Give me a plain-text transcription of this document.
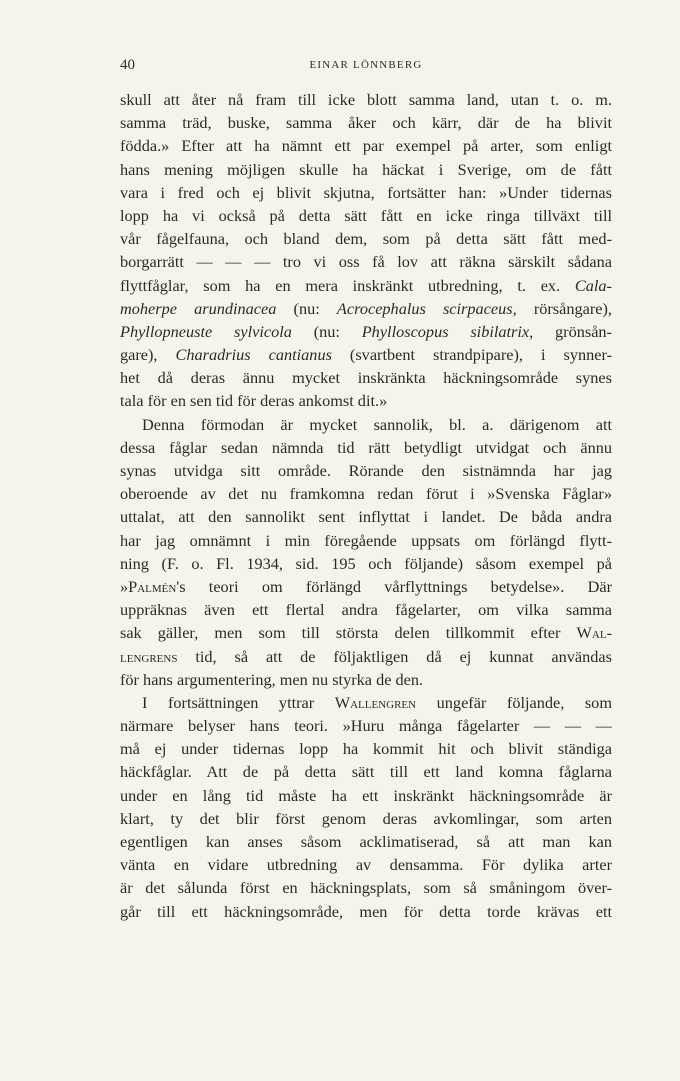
40	EINAR LÖNNBERG
skull att åter nå fram till icke blott samma land, utan t. o. m.
samma träd, buske, samma åker och kärr, där de ha blivit
födda.» Efter att ha nämnt ett par exempel på arter, som enligt
hans mening möjligen skulle ha häckat i Sverige, om de fått
vara i fred och ej blivit skjutna, fortsätter han: »Under tidernas
lopp ha vi också på detta sätt fått en icke ringa tillväxt till
vår fågelfauna, och bland dem, som på detta sätt fått med-
borgarrätt — — — tro vi oss få lov att räkna särskilt sådana
flyttfåglar, som ha en mera inskränkt utbredning, t. ex. Cala-
moherpe arundinacea (nu: Acrocephalus scirpaceus, rörsångare),
Phyllopneuste sylvicola (nu: Phylloscopus sibilatrix, grönsån-
gare), Charadrius cantianus (svartbent strandpipare), i synner-
het då deras ännu mycket inskränkta häckningsområde synes
tala för en sen tid för deras ankomst dit.»
Denna förmodan är mycket sannolik, bl. a. därigenom att
dessa fåglar sedan nämnda tid rätt betydligt utvidgat och ännu
synas utvidga sitt område. Rörande den sistnämnda har jag
oberoende av det nu framkomna redan förut i »Svenska Fåglar»
uttalat, att den sannolikt sent inflyttat i landet. De båda andra
har jag omnämnt i min föregående uppsats om förlängd flytt-
ning (F. o. Fl. 1934, sid. 195 och följande) såsom exempel på
»Palmén's teori om förlängd vårflyttnings betydelse». Där
uppräknas även ett flertal andra fågelarter, om vilka samma
sak gäller, men som till största delen tillkommit efter Wal-
lengrens tid, så att de följaktligen då ej kunnat användas
för hans argumentering, men nu styrka de den.
I fortsättningen yttrar Wallengren ungefär följande, som
närmare belyser hans teori. »Huru många fågelarter — — —
må ej under tidernas lopp ha kommit hit och blivit ständiga
häckfåglar. Att de på detta sätt till ett land komna fåglarna
under en lång tid måste ha ett inskränkt häckningsområde är
klart, ty det blir först genom deras avkomlingar, som arten
egentligen kan anses såsom acklimatiserad, så att man kan
vänta en vidare utbredning av densamma. För dylika arter
är det sålunda först en häckningsplats, som så småningom över-
går till ett häckningsområde, men för detta torde krävas ett
